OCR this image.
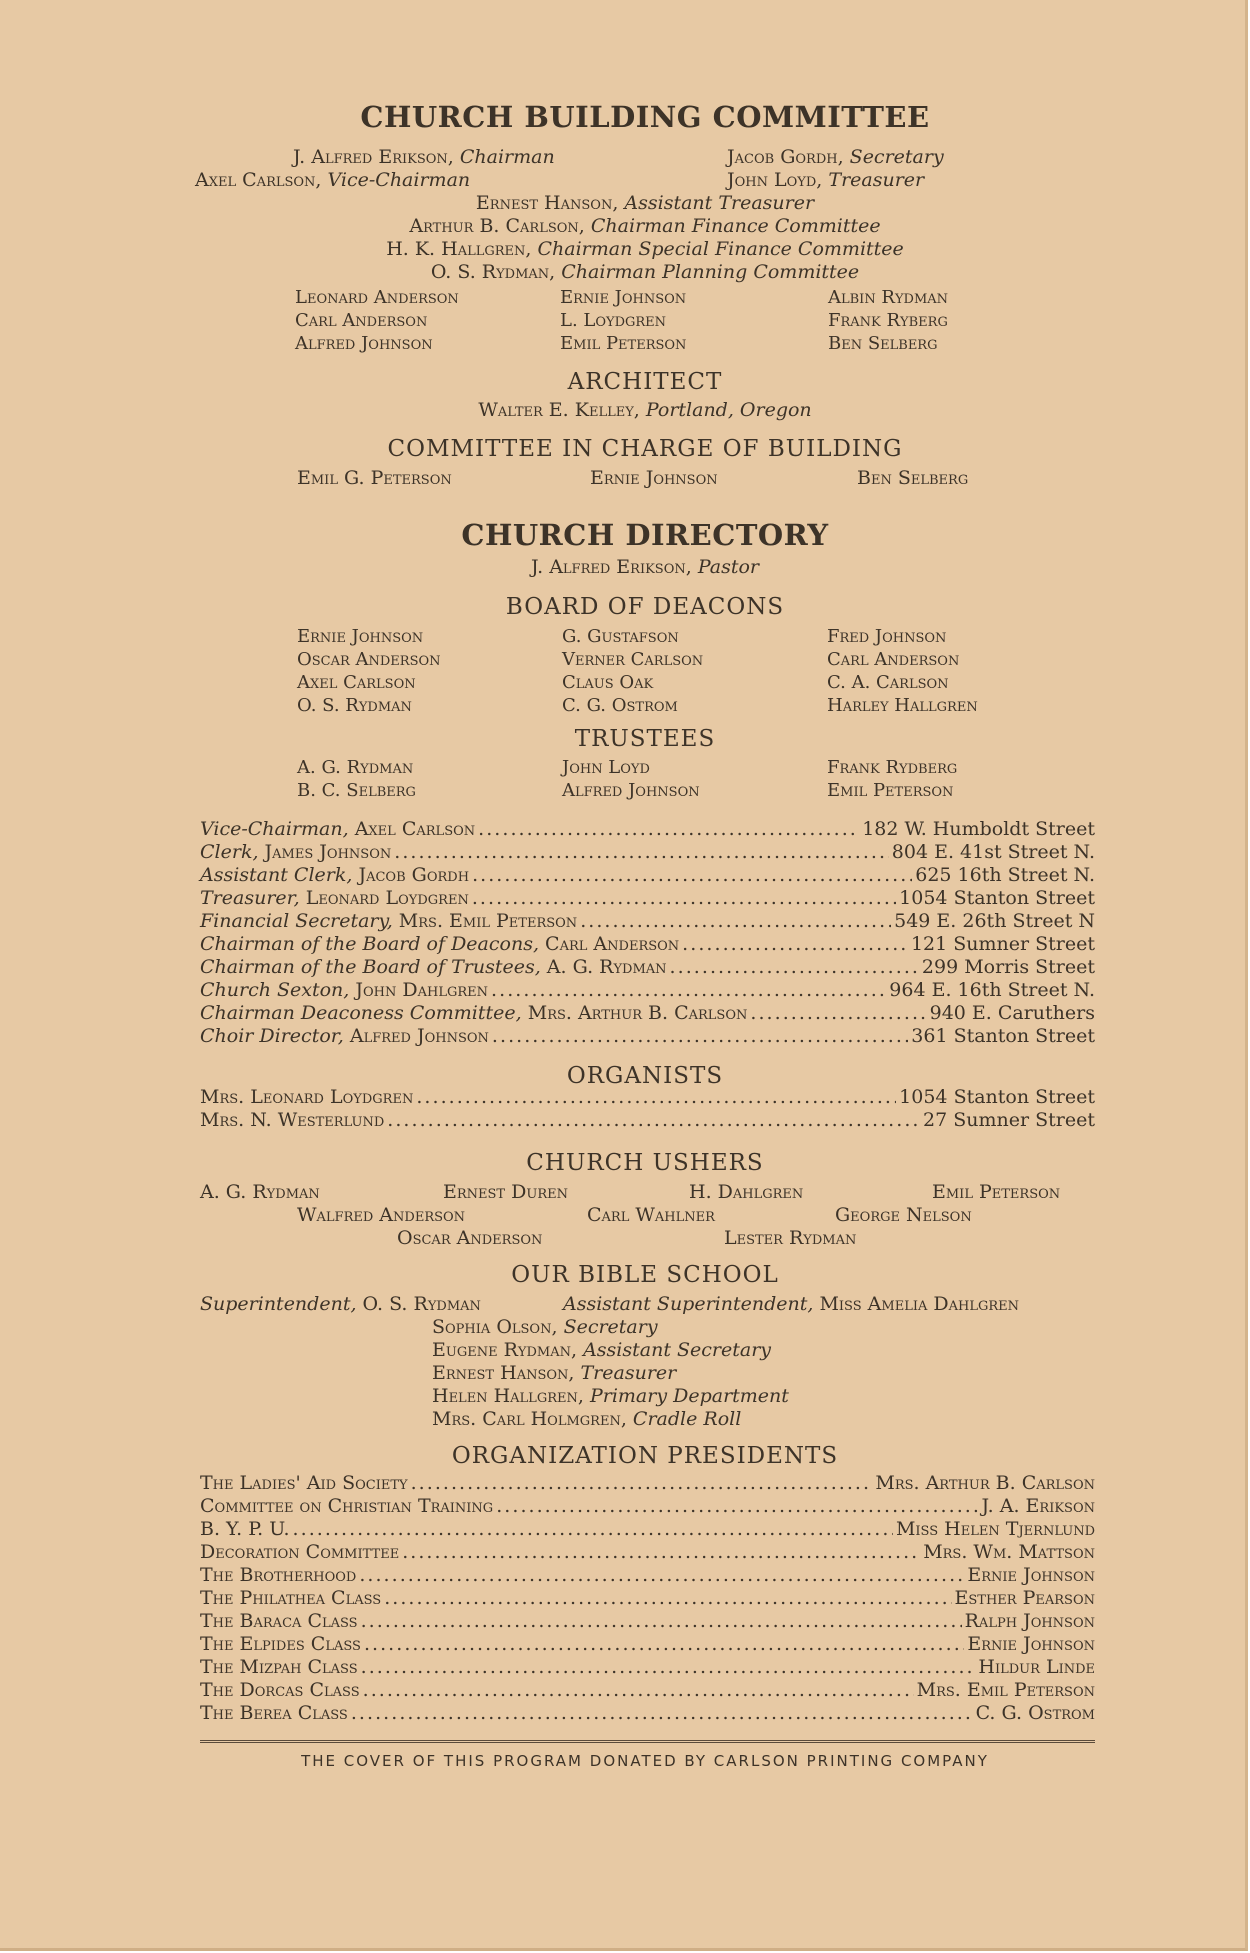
CHURCH BUILDING COMMITTEE
J. Alfred Erikson, Chairman	Jacob Gordh, Secretary
Axel Carlson, Vice-Chairman	John Loyd, Treasurer
Ernest Hanson, Assistant Treasurer
Arthur B. Carlson, Chairman Finance Committee
H. K. Hallgren, Chairman Special Finance Committee
O. S. Rydman, Chairman Planning Committee
Leonard Anderson	Ernie Johnson	Albin Rydman
Carl Anderson	L. Loydgren	Frank Ryberg
Alfred Johnson	Emil Peterson	Ben Selberg
ARCHITECT
Walter E. Kelley, Portland, Oregon
COMMITTEE IN CHARGE OF BUILDING
Emil G. Peterson	Ernie Johnson	Ben Selberg
CHURCH DIRECTORY
J. Alfred Erikson, Pastor
BOARD OF DEACONS
Ernie Johnson	G. Gustafson	Fred Johnson
Oscar Anderson	Verner Carlson	Carl Anderson
Axel Carlson	Claus Oak	C. A. Carlson
O. S. Rydman	C. G. Ostrom	Harley Hallgren
TRUSTEES
A. G. Rydman	John Loyd	Frank Rydberg
B. C. Selberg	Alfred Johnson	Emil Peterson
Vice-Chairman, Axel Carlson . . .	182 W. Humboldt Street
Clerk, James Johnson . . .	804 E. 41st Street N.
Assistant Clerk, Jacob Gordh . . .	625 16th Street N.
Treasurer, Leonard Loydgren . . .	1054 Stanton Street
Financial Secretary, Mrs. Emil Peterson . . .	549 E. 26th Street N
Chairman of the Board of Deacons, Carl Anderson . . .	121 Sumner Street
Chairman of the Board of Trustees, A. G. Rydman . . .	299 Morris Street
Church Sexton, John Dahlgren . . .	964 E. 16th Street N.
Chairman Deaconess Committee, Mrs. Arthur B. Carlson . . .	940 E. Caruthers
Choir Director, Alfred Johnson . . .	361 Stanton Street
ORGANISTS
Mrs. Leonard Loydgren . . .	1054 Stanton Street
Mrs. N. Westerlund . . .	27 Sumner Street
CHURCH USHERS
A. G. Rydman	Ernest Duren	H. Dahlgren	Emil Peterson
Walfred Anderson	Carl Wahlner	George Nelson
Oscar Anderson	Lester Rydman
OUR BIBLE SCHOOL
Superintendent, O. S. Rydman	Assistant Superintendent, Miss Amelia Dahlgren
Sophia Olson, Secretary
Eugene Rydman, Assistant Secretary
Ernest Hanson, Treasurer
Helen Hallgren, Primary Department
Mrs. Carl Holmgren, Cradle Roll
ORGANIZATION PRESIDENTS
The Ladies' Aid Society . . .	Mrs. Arthur B. Carlson
Committee on Christian Training . . .	J. A. Erikson
B. Y. P. U. . . .	Miss Helen Tjernlund
Decoration Committee . . .	Mrs. Wm. Mattson
The Brotherhood . . .	Ernie Johnson
The Philathea Class . . .	Esther Pearson
The Baraca Class . . .	Ralph Johnson
The Elpides Class . . .	Ernie Johnson
The Mizpah Class . . .	Hildur Linde
The Dorcas Class . . .	Mrs. Emil Peterson
The Berea Class . . .	C. G. Ostrom
THE COVER OF THIS PROGRAM DONATED BY CARLSON PRINTING COMPANY
